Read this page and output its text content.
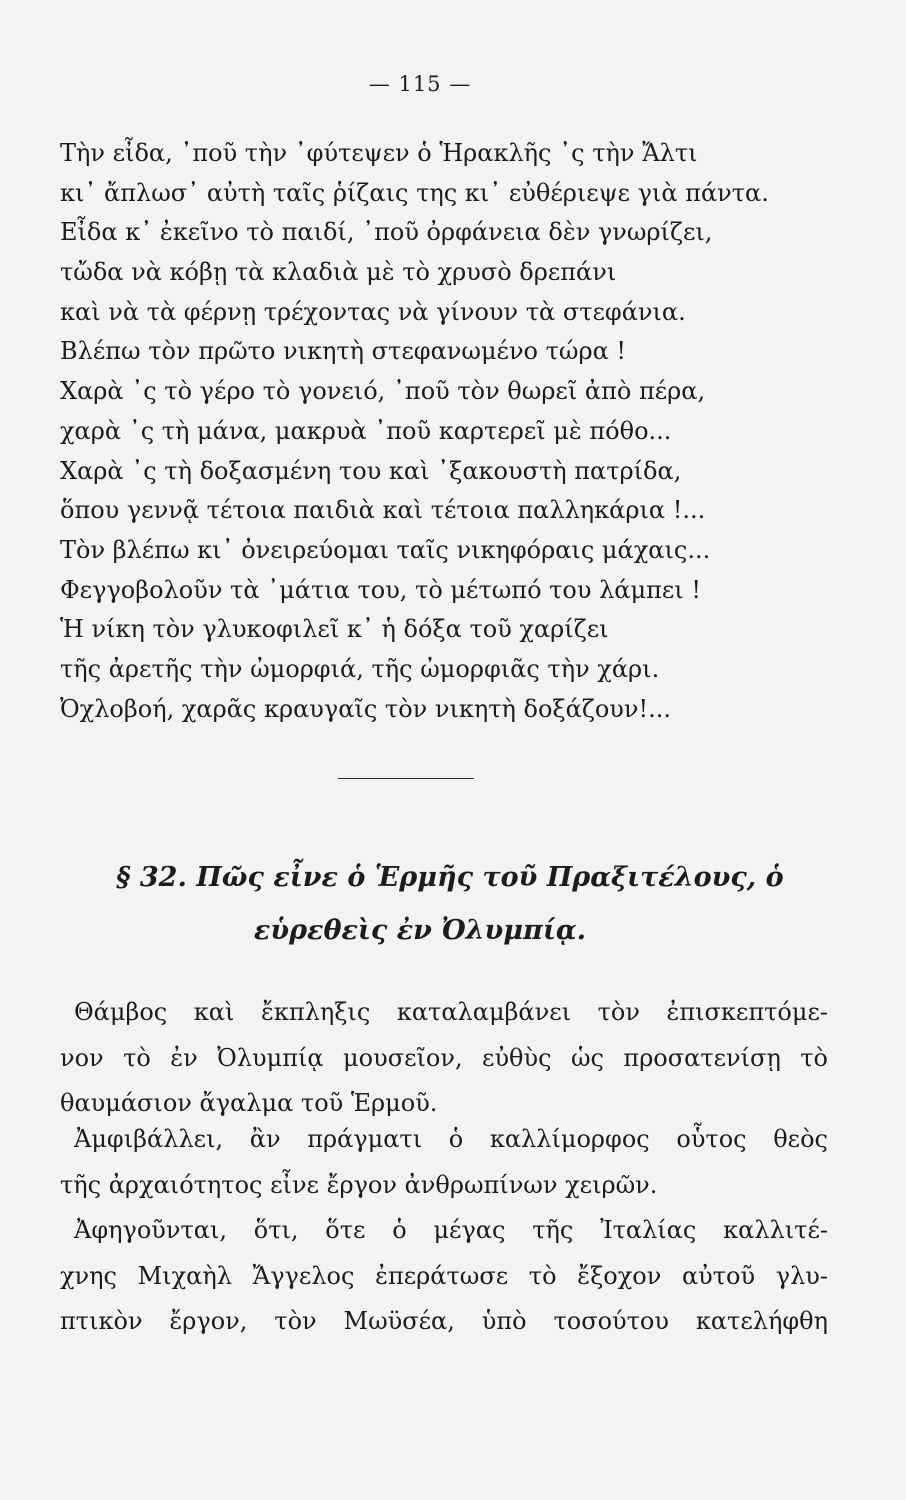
— 115 —
Τὴν εἶδα, ᾽ποῦ τὴν ᾽φύτεψεν ὁ Ἡρακλῆς ᾽ς τὴν Ἄλτι
κι᾽ ἄπλωσ᾽ αὐτὴ ταῖς ῥίζαις της κι᾽ εὐθέριεψε γιὰ πάντα.
Εἶδα κ᾽ ἐκεῖνο τὸ παιδί, ᾽ποῦ ὀρφάνεια δὲν γνωρίζει,
τὤδα νὰ κόβῃ τὰ κλαδιὰ μὲ τὸ χρυσὸ δρεπάνι
καὶ νὰ τὰ φέρνῃ τρέχοντας νὰ γίνουν τὰ στεφάνια.
Βλέπω τὸν πρῶτο νικητὴ στεφανωμένο τώρα !
Χαρὰ ᾽ς τὸ γέρο τὸ γονειό, ᾽ποῦ τὸν θωρεῖ ἀπὸ πέρα,
χαρὰ ᾽ς τὴ μάνα, μακρυὰ ᾽ποῦ καρτερεῖ μὲ πόθο...
Χαρὰ ᾽ς τὴ δοξασμένη του καὶ ᾽ξακουστὴ πατρίδα,
ὅπου γεννᾷ τέτοια παιδιὰ καὶ τέτοια παλληκάρια !...
Τὸν βλέπω κι᾽ ὀνειρεύομαι ταῖς νικηφόραις μάχαις...
Φεγγοβολοῦν τὰ ᾽μάτια του, τὸ μέτωπό του λάμπει !
Ἡ νίκη τὸν γλυκοφιλεῖ κ᾽ ἡ δόξα τοῦ χαρίζει
τῆς ἀρετῆς τὴν ὠμορφιά, τῆς ὠμορφιᾶς τὴν χάρι.
Ὀχλοβοή, χαρᾶς κραυγαῖς τὸν νικητὴ δοξάζουν!...
§ 32. Πῶς εἶνε ὁ Ἑρμῆς τοῦ Πραξιτέλους, ὁ
εὑρεθεὶς ἐν Ὀλυμπίᾳ.
Θάμβος καὶ ἔκπληξις καταλαμβάνει τὸν ἐπισκεπτόμε-
νον τὸ ἐν Ὀλυμπίᾳ μουσεῖον, εὐθὺς ὡς προσατενίσῃ τὸ
θαυμάσιον ἄγαλμα τοῦ Ἑρμοῦ.
Ἀμφιβάλλει, ἂν πράγματι ὁ καλλίμορφος οὗτος θεὸς
τῆς ἀρχαιότητος εἶνε ἔργον ἀνθρωπίνων χειρῶν.
Ἀφηγοῦνται, ὅτι, ὅτε ὁ μέγας τῆς Ἰταλίας καλλιτέ-
χνης Μιχαὴλ Ἄγγελος ἐπεράτωσε τὸ ἔξοχον αὐτοῦ γλυ-
πτικὸν ἔργον, τὸν Μωϋσέα, ὑπὸ τοσούτου κατελήφθη
